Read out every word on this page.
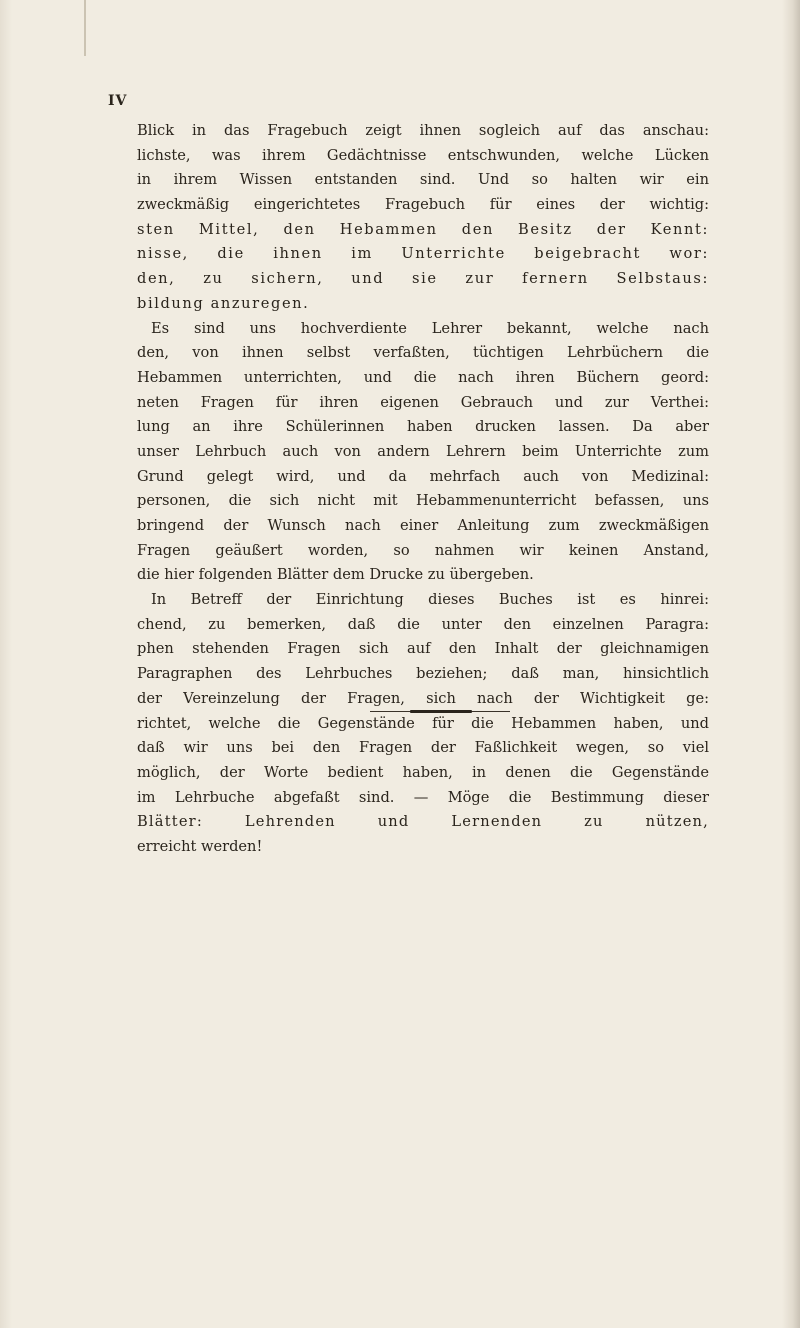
IV
Blick in das Fragebuch zeigt ihnen sogleich auf das anschau:
lichste, was ihrem Gedächtnisse entschwunden, welche Lücken
in ihrem Wissen entstanden sind. Und so halten wir ein
zweckmäßig eingerichtetes Fragebuch für eines der wichtig:
sten Mittel, den Hebammen den Besitz der Kennt:
nisse, die ihnen im Unterrichte beigebracht wor:
den, zu sichern, und sie zur fernern Selbstaus:
bildung anzuregen.
Es sind uns hochverdiente Lehrer bekannt, welche nach
den, von ihnen selbst verfaßten, tüchtigen Lehrbüchern die
Hebammen unterrichten, und die nach ihren Büchern geord:
neten Fragen für ihren eigenen Gebrauch und zur Verthei:
lung an ihre Schülerinnen haben drucken lassen. Da aber
unser Lehrbuch auch von andern Lehrern beim Unterrichte zum
Grund gelegt wird, und da mehrfach auch von Medizinal:
personen, die sich nicht mit Hebammenunterricht befassen, uns
bringend der Wunsch nach einer Anleitung zum zweckmäßigen
Fragen geäußert worden, so nahmen wir keinen Anstand,
die hier folgenden Blätter dem Drucke zu übergeben.
In Betreff der Einrichtung dieses Buches ist es hinrei:
chend, zu bemerken, daß die unter den einzelnen Paragra:
phen stehenden Fragen sich auf den Inhalt der gleichnamigen
Paragraphen des Lehrbuches beziehen; daß man, hinsichtlich
der Vereinzelung der Fragen, sich nach der Wichtigkeit ge:
richtet, welche die Gegenstände für die Hebammen haben, und
daß wir uns bei den Fragen der Faßlichkeit wegen, so viel
möglich, der Worte bedient haben, in denen die Gegenstände
im Lehrbuche abgefaßt sind. — Möge die Bestimmung dieser
Blätter: Lehrenden und Lernenden zu nützen,
erreicht werden!
